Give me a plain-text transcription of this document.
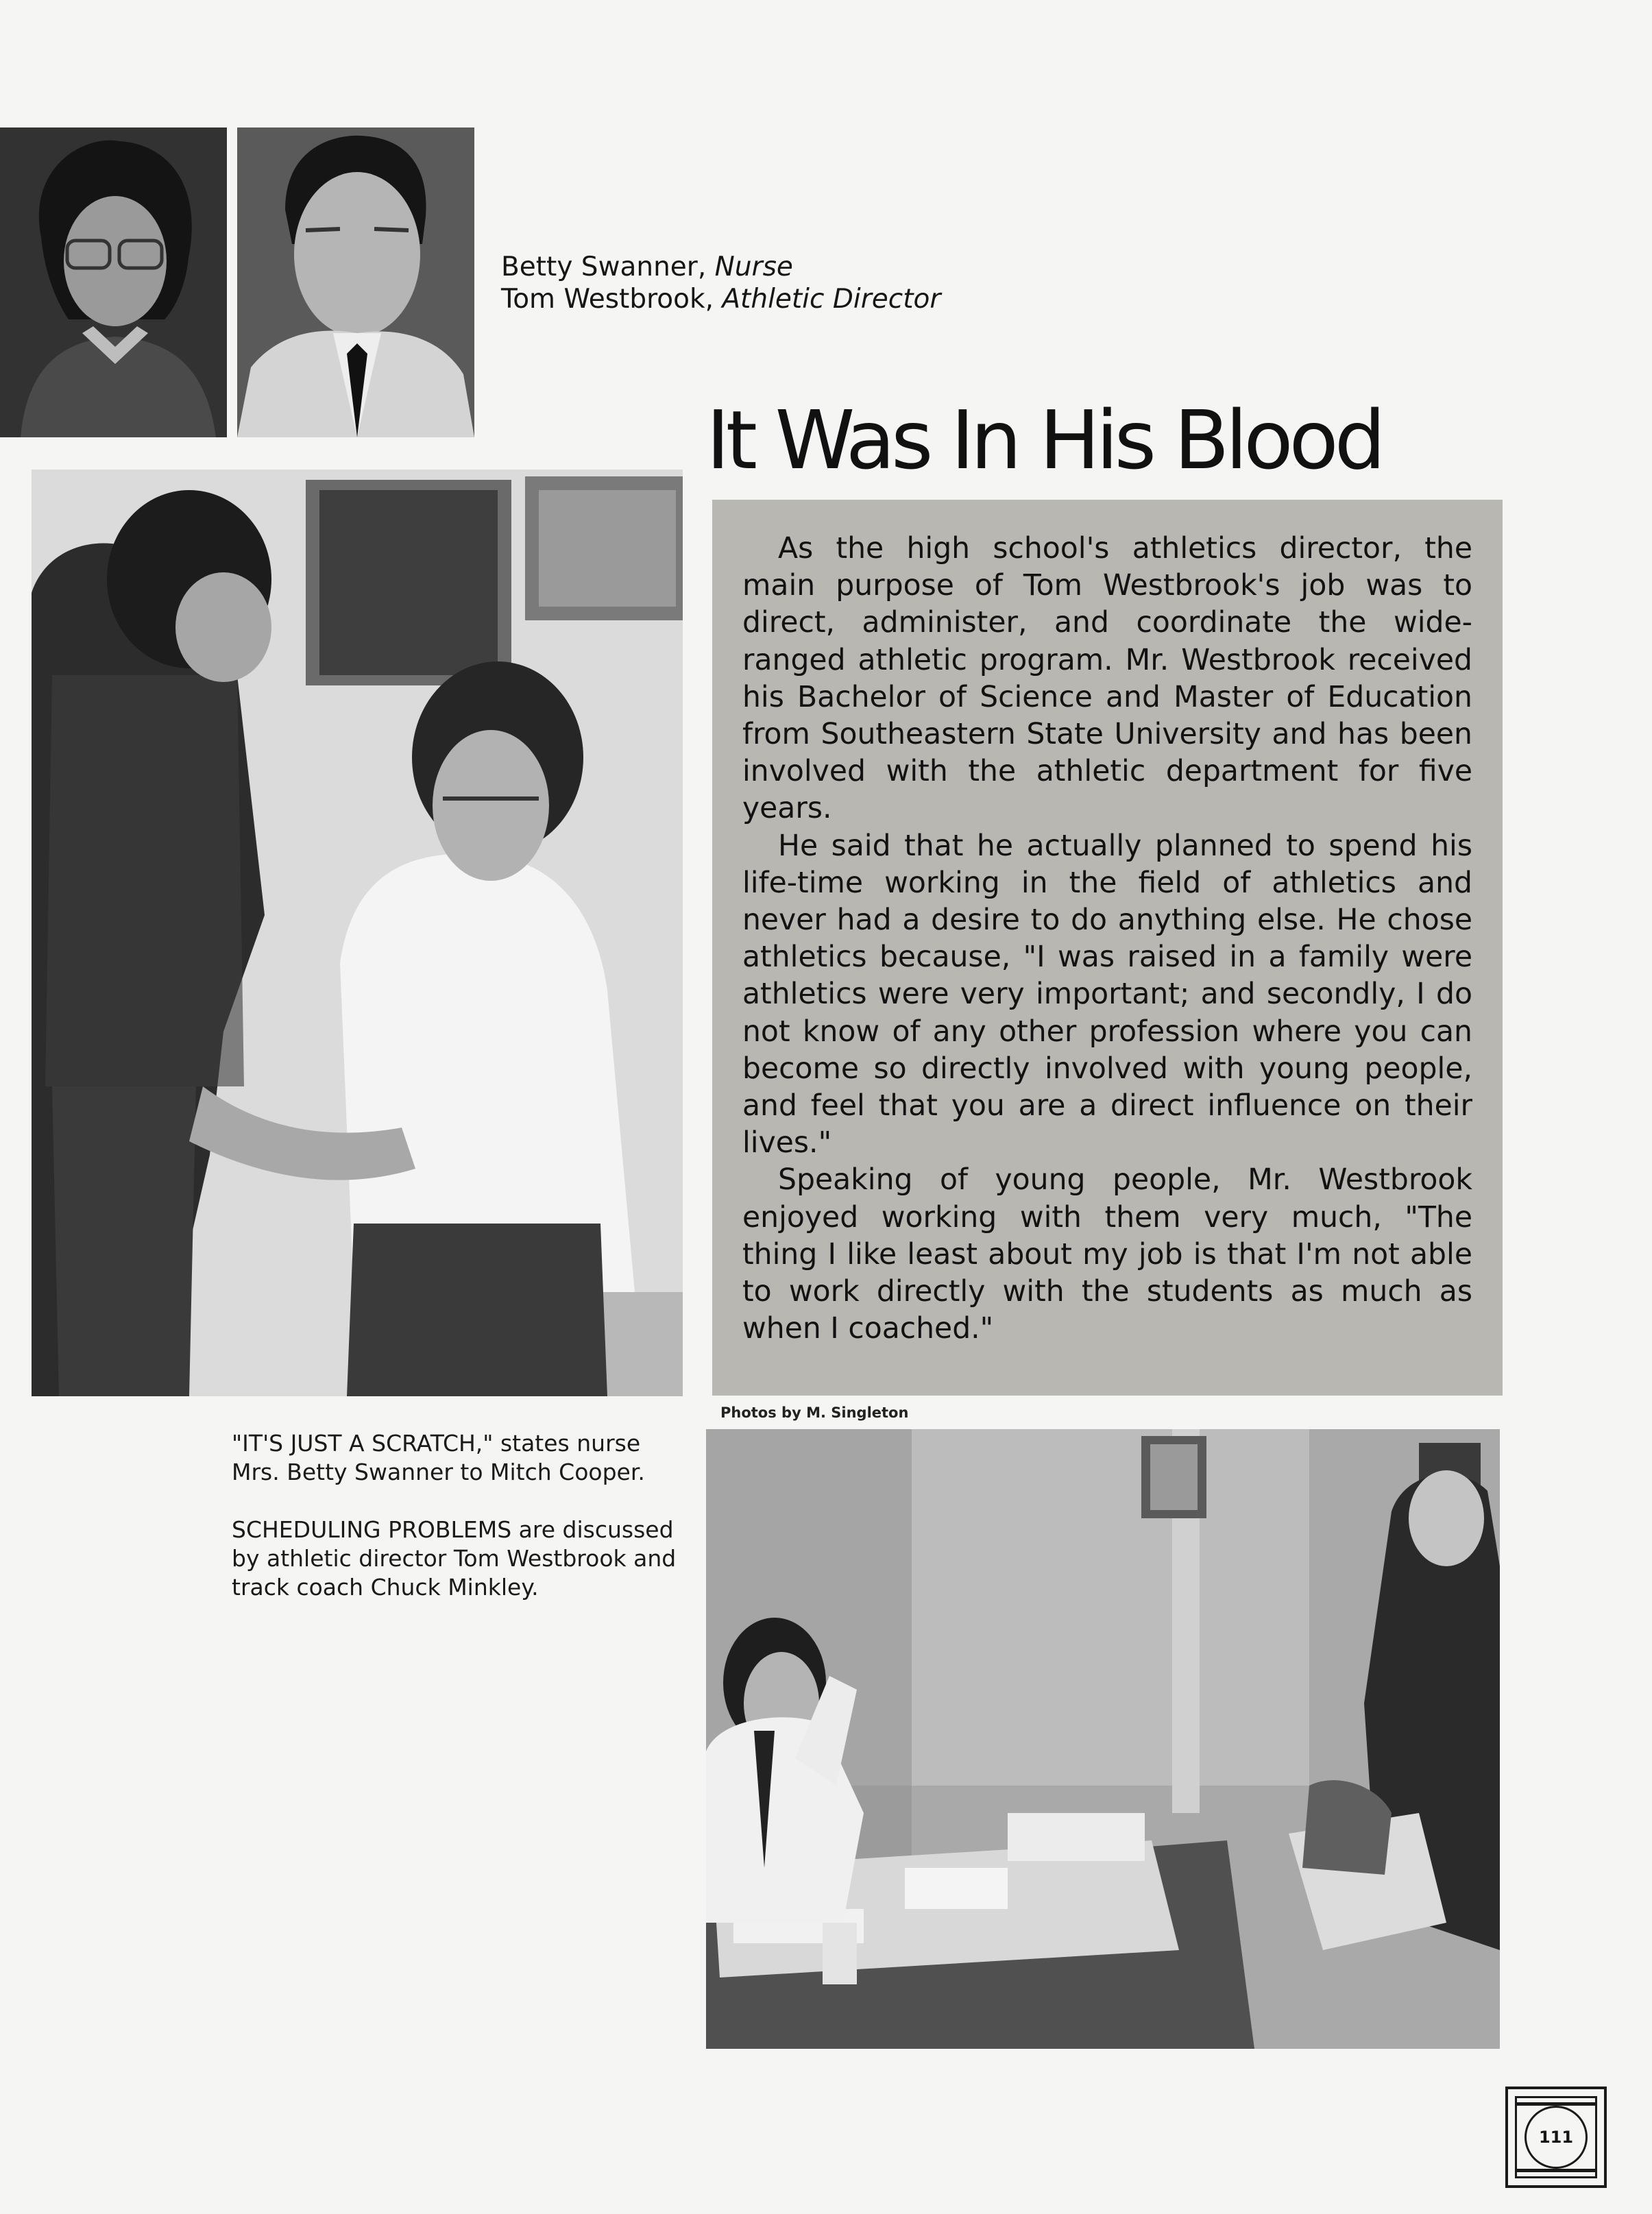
Betty Swanner, Nurse
Tom Westbrook, Athletic Director
It Was In His Blood

As the high school's athletics director, the main purpose of Tom Westbrook's job was to direct, administer, and coordinate the wide-ranged athletic program. Mr. Westbrook received his Bachelor of Science and Master of Education from Southeastern State University and has been involved with the athletic department for five years.

He said that he actually planned to spend his life-time working in the field of athletics and never had a desire to do anything else. He chose athletics because, "I was raised in a family were athletics were very important; and secondly, I do not know of any other profession where you can become so directly involved with young people, and feel that you are a direct influence on their lives."

Speaking of young people, Mr. Westbrook enjoyed working with them very much, "The thing I like least about my job is that I'm not able to work directly with the students as much as when I coached."

Photos by M. Singleton

"IT'S JUST A SCRATCH," states nurse Mrs. Betty Swanner to Mitch Cooper.

SCHEDULING PROBLEMS are discussed by athletic director Tom Westbrook and track coach Chuck Minkley.

111
